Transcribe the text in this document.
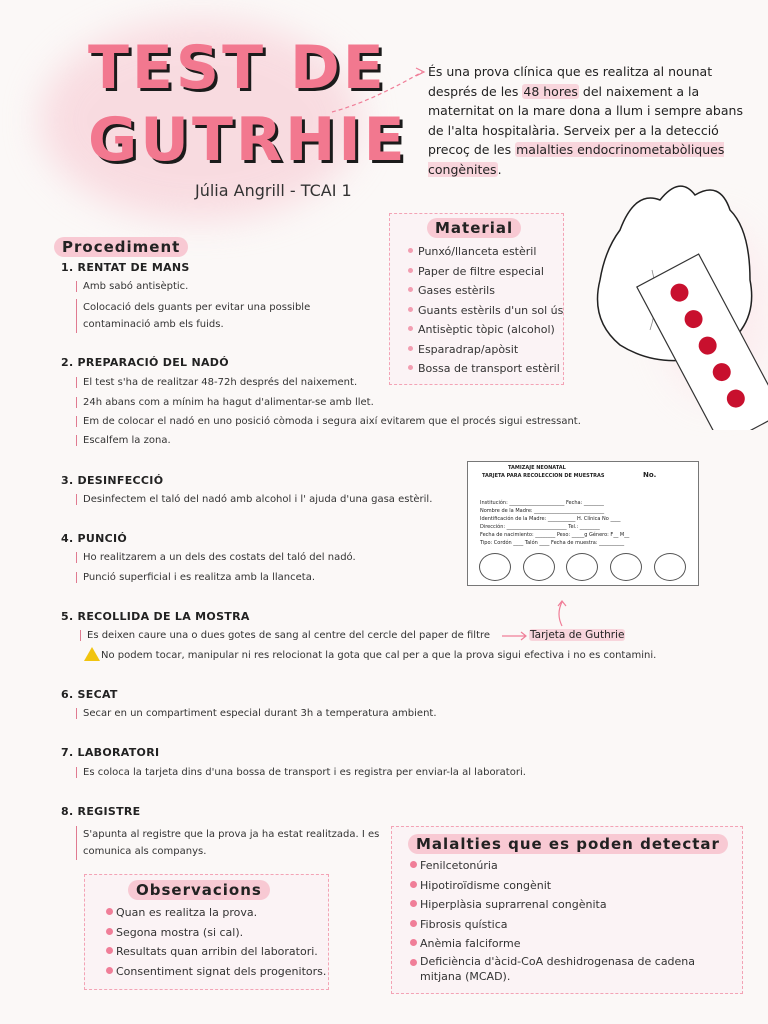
TEST DE
GUTRHIE
Júlia Angrill - TCAI 1
És una prova clínica que es realitza al nounat després de les 48 hores del naixement a la maternitat on la mare dona a llum i sempre abans de l'alta hospitalària. Serveix per a la detecció precoç de les malalties endocrinometabòliques congènites.
Material
Punxó/llanceta estèril
Paper de filtre especial
Gases estèrils
Guants estèrils d'un sol ús
Antisèptic tòpic (alcohol)
Esparadrap/apòsit
Bossa de transport estèril
Procediment
1. RENTAT DE MANS
Amb sabó antisèptic.
Colocació dels guants per evitar una possible contaminació amb els fuids.
2. PREPARACIÓ DEL NADÓ
El test s'ha de realitzar 48-72h després del naixement.
24h abans com a mínim ha hagut d'alimentar-se amb llet.
Em de colocar el nadó en uno posició còmoda i segura així evitarem que el procés sigui estressant.
Escalfem la zona.
3. DESINFECCIÓ
Desinfectem el taló del nadó amb alcohol i l' ajuda d'una gasa estèril.
4. PUNCIÓ
Ho realitzarem a un dels des costats del taló del nadó.
Punció superficial i es realitza amb la llanceta.
5. RECOLLIDA DE LA MOSTRA
Es deixen caure una o dues gotes de sang al centre del cercle del paper de filtre
No podem tocar, manipular ni res relocionat la gota que cal per a que la prova sigui efectiva i no es contamini.
Tarjeta de Guthrie
6. SECAT
Secar en un compartiment especial durant 3h a temperatura ambient.
7. LABORATORI
Es coloca la tarjeta dins d'una bossa de transport i es registra per enviar-la al laboratori.
8. REGISTRE
S'apunta al registre que la prova ja ha estat realitzada. I es comunica als companys.
TAMIZAJE NEONATAL
TARJETA PARA RECOLECCION DE MUESTRAS	No.
Institución: ______________________ Fecha: ________
Nombre de la Madre: ____________________________
Identificación de la Madre: ___________ H. Clínica No ____
Dirección: ________________________ Tel.: ________
Fecha de nacimiento: ________ Peso: _____g Género: F__ M__
Tipo: Cordón ____ Talón ____ Fecha de muestra: __________
Malalties que es poden detectar
Fenilcetonúria
Hipotiroïdisme congènit
Hiperplàsia suprarrenal congènita
Fibrosis quística
Anèmia falciforme
Deficiència d'àcid-CoA deshidrogenasa de cadena mitjana (MCAD).
Observacions
Quan es realitza la prova.
Segona mostra (si cal).
Resultats quan arribin del laboratori.
Consentiment signat dels progenitors.
